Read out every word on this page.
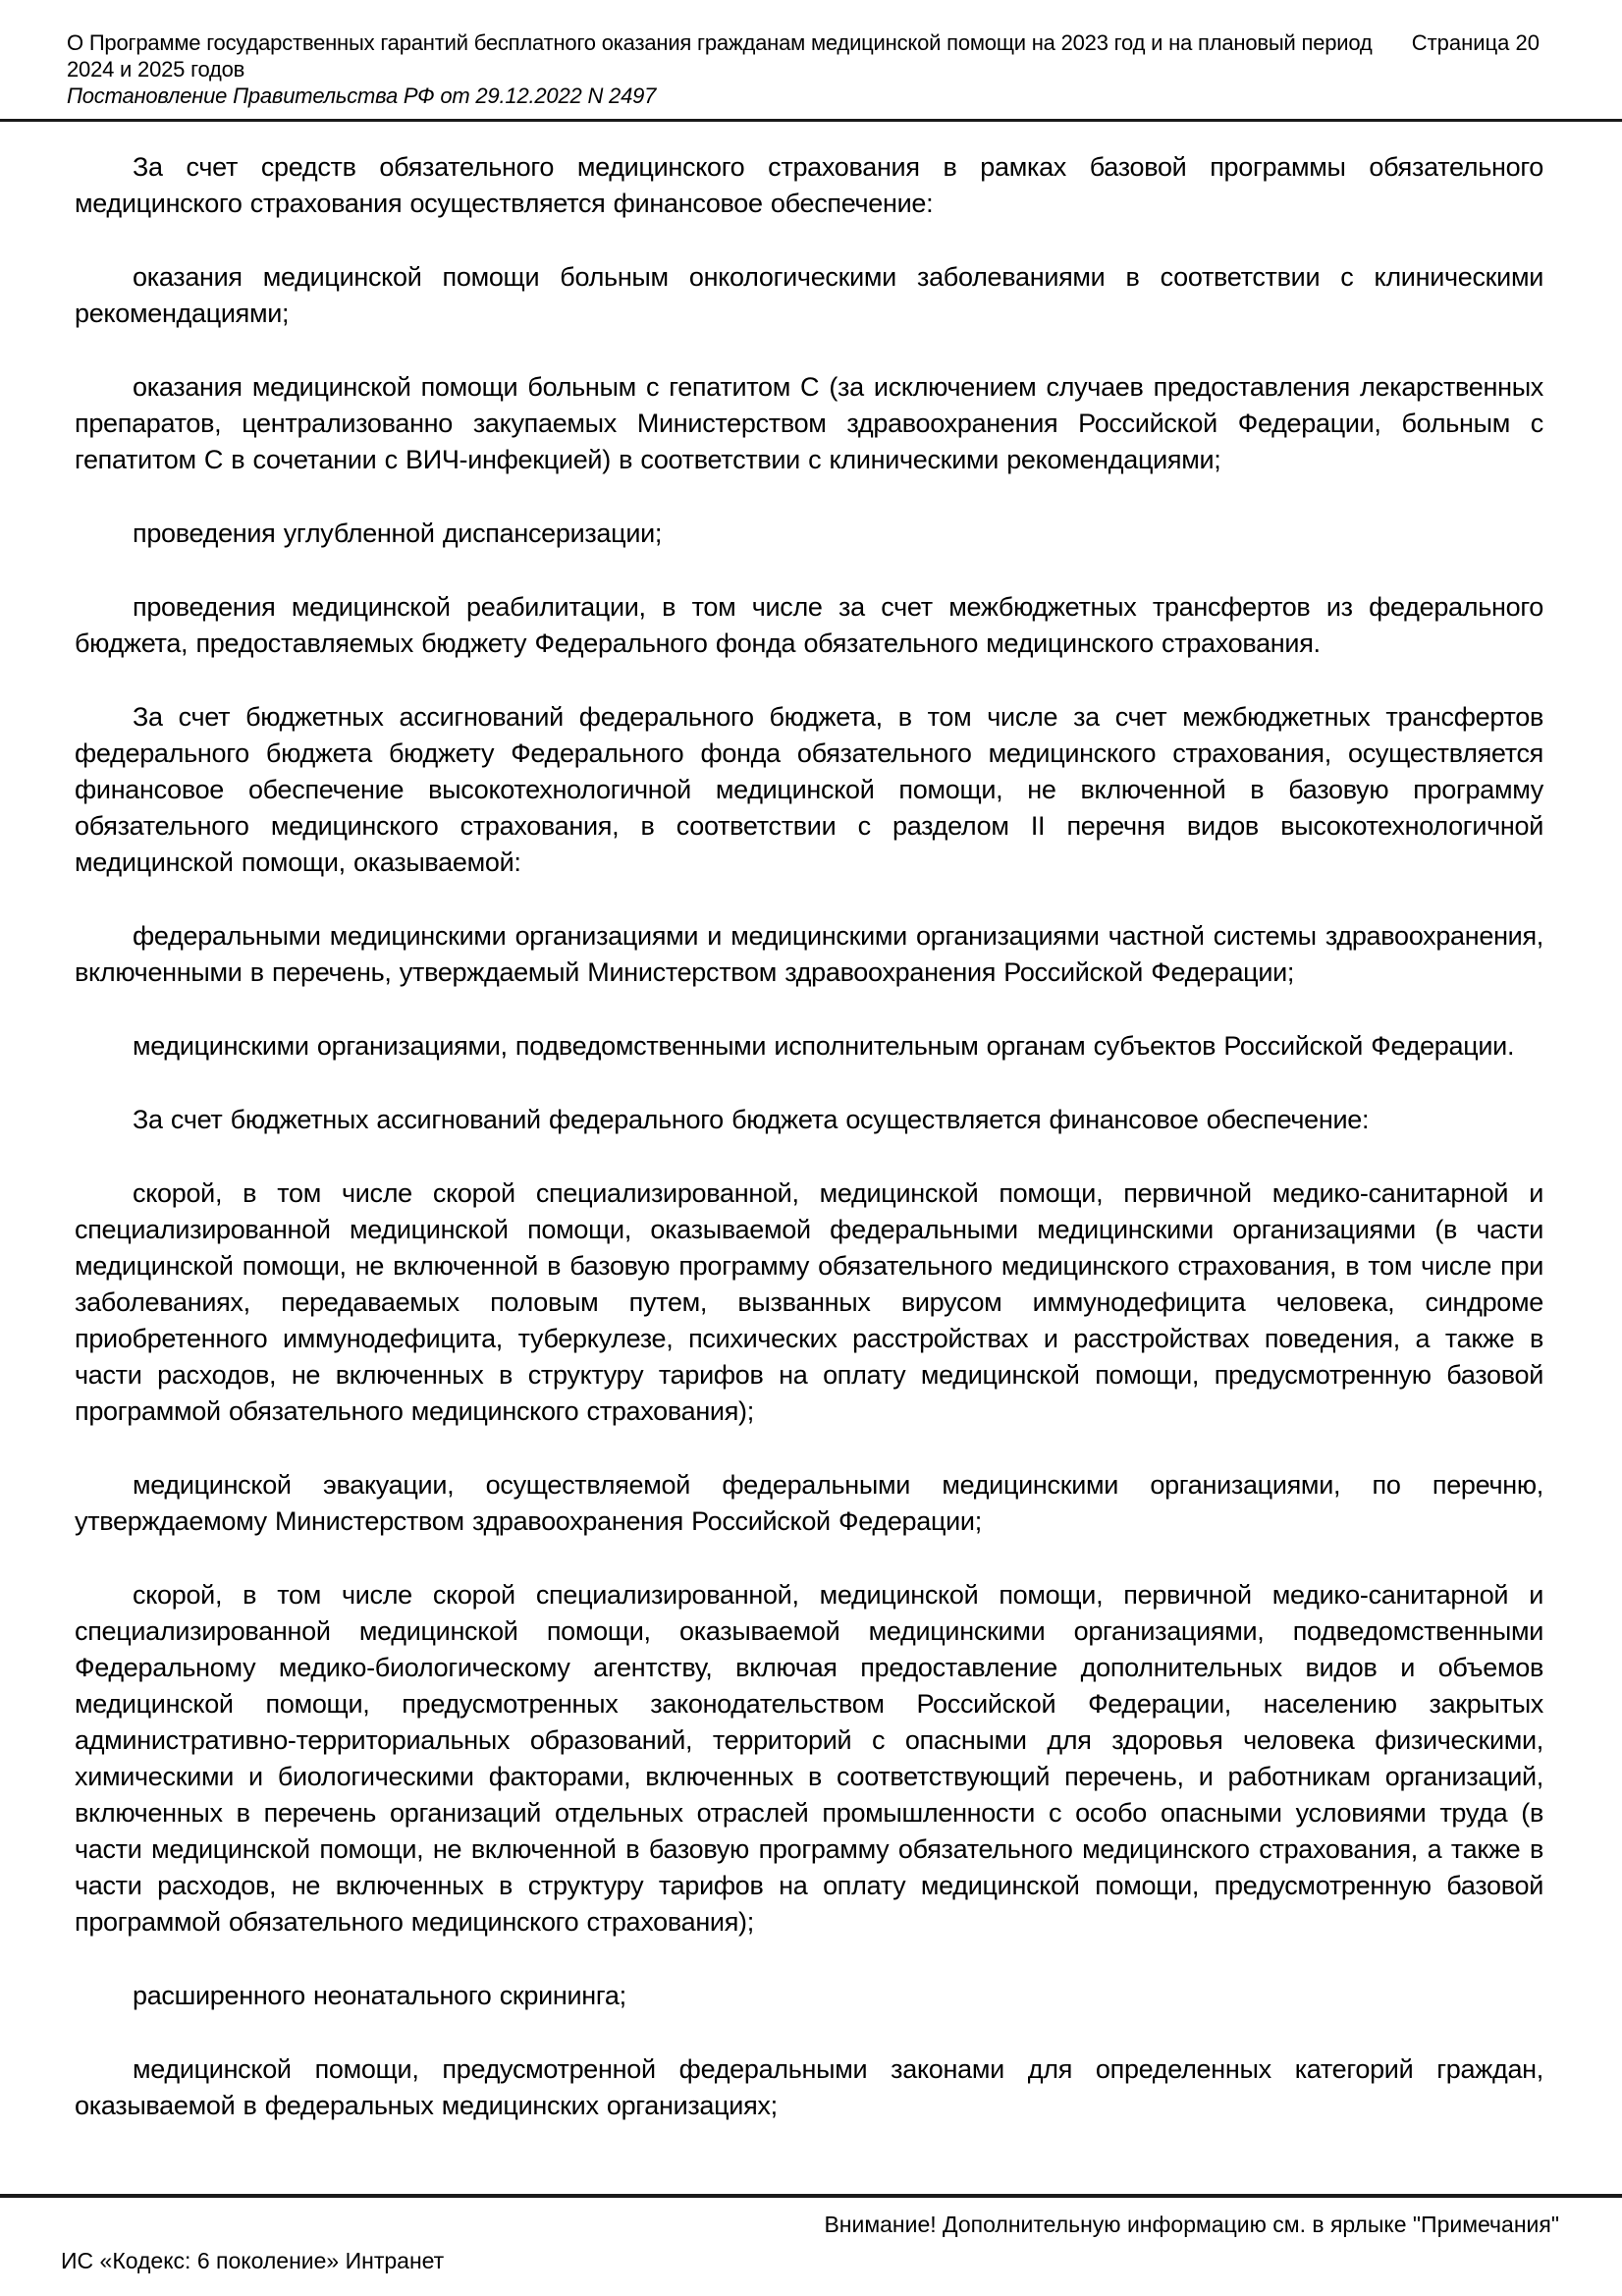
О Программе государственных гарантий бесплатного оказания гражданам медицинской помощи на 2023 год и на плановый период 2024 и 2025 годов
Страница 20
Постановление Правительства РФ от 29.12.2022 N 2497

За счет средств обязательного медицинского страхования в рамках базовой программы обязательного медицинского страхования осуществляется финансовое обеспечение:

оказания медицинской помощи больным онкологическими заболеваниями в соответствии с клиническими рекомендациями;

оказания медицинской помощи больным с гепатитом C (за исключением случаев предоставления лекарственных препаратов, централизованно закупаемых Министерством здравоохранения Российской Федерации, больным с гепатитом C в сочетании с ВИЧ-инфекцией) в соответствии с клиническими рекомендациями;

проведения углубленной диспансеризации;

проведения медицинской реабилитации, в том числе за счет межбюджетных трансфертов из федерального бюджета, предоставляемых бюджету Федерального фонда обязательного медицинского страхования.

За счет бюджетных ассигнований федерального бюджета, в том числе за счет межбюджетных трансфертов федерального бюджета бюджету Федерального фонда обязательного медицинского страхования, осуществляется финансовое обеспечение высокотехнологичной медицинской помощи, не включенной в базовую программу обязательного медицинского страхования, в соответствии с разделом II перечня видов высокотехнологичной медицинской помощи, оказываемой:

федеральными медицинскими организациями и медицинскими организациями частной системы здравоохранения, включенными в перечень, утверждаемый Министерством здравоохранения Российской Федерации;

медицинскими организациями, подведомственными исполнительным органам субъектов Российской Федерации.

За счет бюджетных ассигнований федерального бюджета осуществляется финансовое обеспечение:

скорой, в том числе скорой специализированной, медицинской помощи, первичной медико-санитарной и специализированной медицинской помощи, оказываемой федеральными медицинскими организациями (в части медицинской помощи, не включенной в базовую программу обязательного медицинского страхования, в том числе при заболеваниях, передаваемых половым путем, вызванных вирусом иммунодефицита человека, синдроме приобретенного иммунодефицита, туберкулезе, психических расстройствах и расстройствах поведения, а также в части расходов, не включенных в структуру тарифов на оплату медицинской помощи, предусмотренную базовой программой обязательного медицинского страхования);

медицинской эвакуации, осуществляемой федеральными медицинскими организациями, по перечню, утверждаемому Министерством здравоохранения Российской Федерации;

скорой, в том числе скорой специализированной, медицинской помощи, первичной медико-санитарной и специализированной медицинской помощи, оказываемой медицинскими организациями, подведомственными Федеральному медико-биологическому агентству, включая предоставление дополнительных видов и объемов медицинской помощи, предусмотренных законодательством Российской Федерации, населению закрытых административно-территориальных образований, территорий с опасными для здоровья человека физическими, химическими и биологическими факторами, включенных в соответствующий перечень, и работникам организаций, включенных в перечень организаций отдельных отраслей промышленности с особо опасными условиями труда (в части медицинской помощи, не включенной в базовую программу обязательного медицинского страхования, а также в части расходов, не включенных в структуру тарифов на оплату медицинской помощи, предусмотренную базовой программой обязательного медицинского страхования);

расширенного неонатального скрининга;

медицинской помощи, предусмотренной федеральными законами для определенных категорий граждан, оказываемой в федеральных медицинских организациях;

Внимание! Дополнительную информацию см. в ярлыке "Примечания"
ИС «Кодекс: 6 поколение» Интранет
